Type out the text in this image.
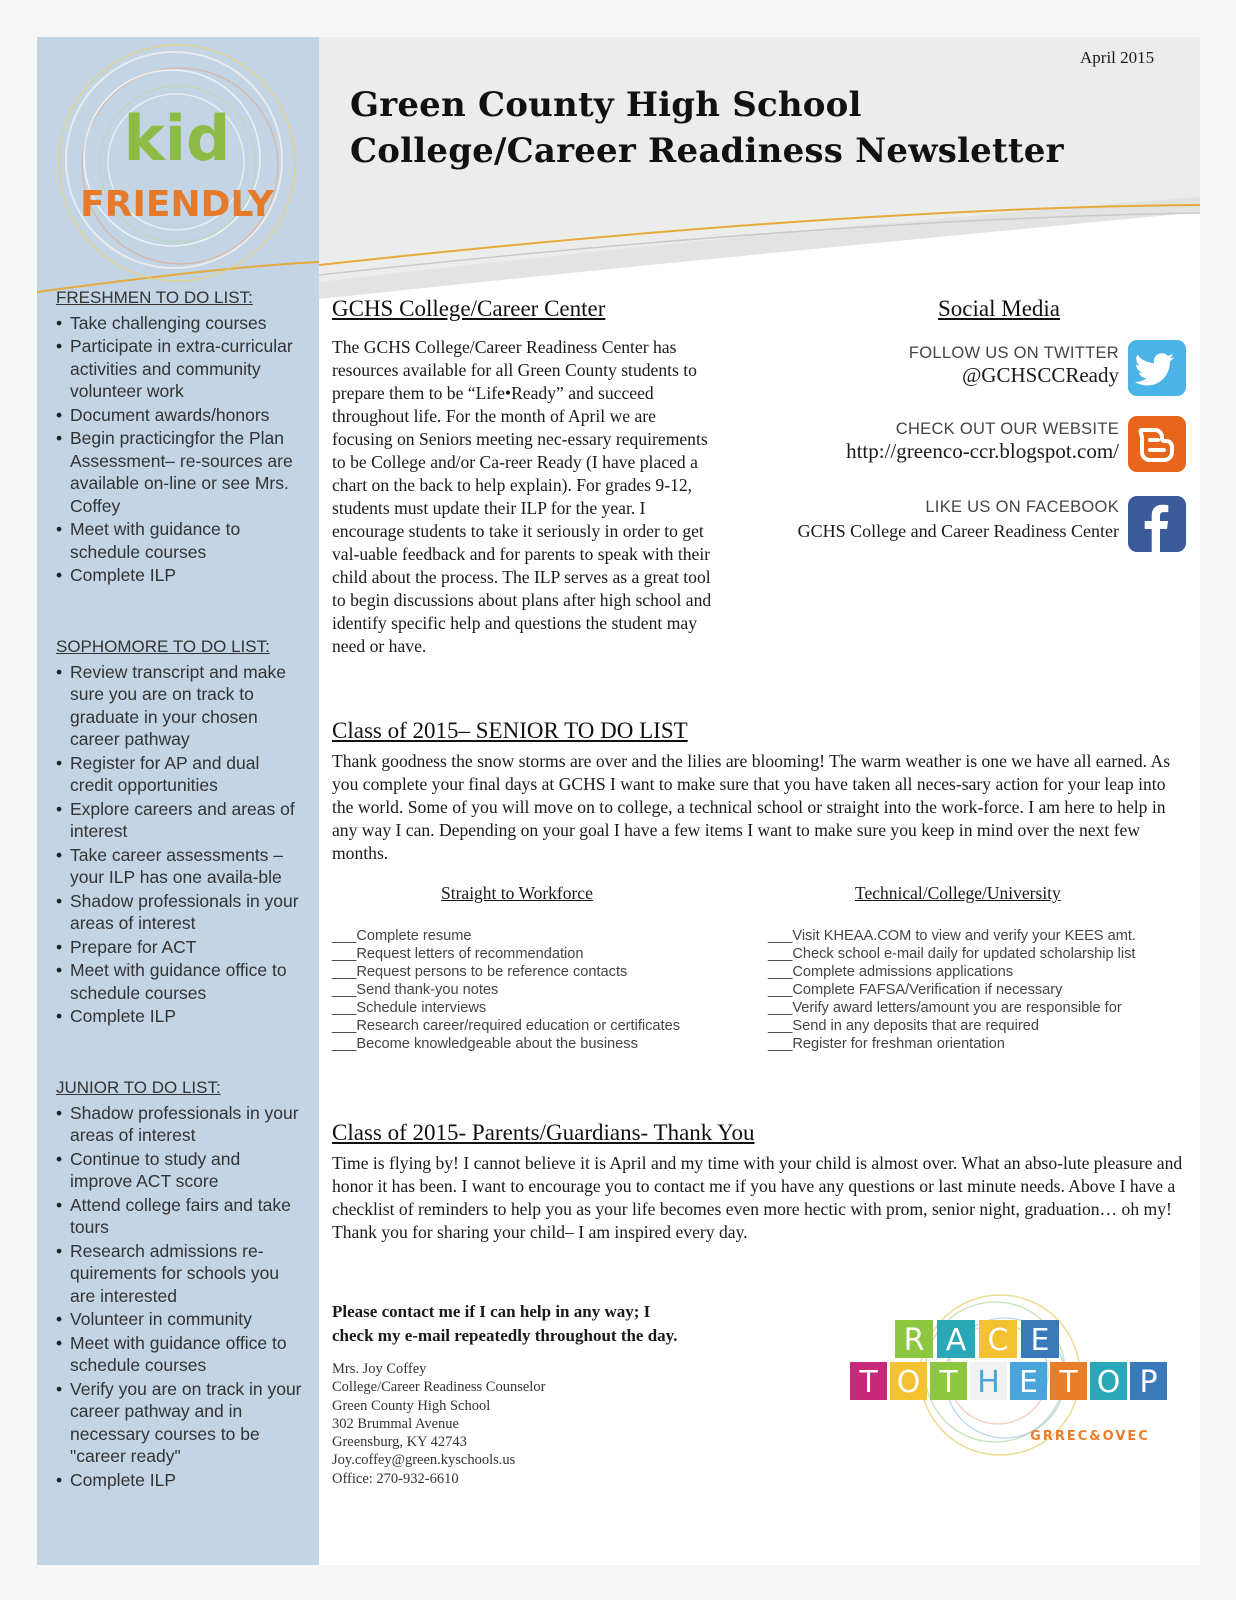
April 2015
Green County High School
College/Career Readiness Newsletter
kid
FRIENDLY
FRESHMEN TO DO LIST:
• Take challenging courses
• Participate in extra-curricular activities and community volunteer work
• Document awards/honors
• Begin practicingfor the Plan Assessment– re-sources are available on-line or see Mrs. Coffey
• Meet with guidance to schedule courses
• Complete ILP
SOPHOMORE TO DO LIST:
• Review transcript and make sure you are on track to graduate in your chosen career pathway
• Register for AP and dual credit opportunities
• Explore careers and areas of interest
• Take career assessments – your ILP has one availa-ble
• Shadow professionals in your areas of interest
• Prepare for ACT
• Meet with guidance office to schedule courses
• Complete ILP
JUNIOR TO DO LIST:
• Shadow professionals in your areas of interest
• Continue to study and improve ACT score
• Attend college fairs and take tours
• Research admissions re-quirements for schools you are interested
• Volunteer in community
• Meet with guidance office to schedule courses
• Verify you are on track in your career pathway and in necessary courses to be "career ready"
• Complete ILP
GCHS College/Career Center
The GCHS College/Career Readiness Center has resources available for all Green County students to prepare them to be “Life•Ready” and succeed throughout life. For the month of April we are focusing on Seniors meeting nec-essary requirements to be College and/or Ca-reer Ready (I have placed a chart on the back to help explain). For grades 9-12, students must update their ILP for the year. I encourage students to take it seriously in order to get val-uable feedback and for parents to speak with their child about the process. The ILP serves as a great tool to begin discussions about plans after high school and identify specific help and questions the student may need or have.
Social Media
FOLLOW US ON TWITTER
@GCHSCCReady
CHECK OUT OUR WEBSITE
http://greenco-ccr.blogspot.com/
LIKE US ON FACEBOOK
GCHS College and Career Readiness Center
Class of 2015– SENIOR TO DO LIST
Thank goodness the snow storms are over and the lilies are blooming! The warm weather is one we have all earned. As you complete your final days at GCHS I want to make sure that you have taken all neces-sary action for your leap into the world. Some of you will move on to college, a technical school or straight into the work-force. I am here to help in any way I can. Depending on your goal I have a few items I want to make sure you keep in mind over the next few months.
Straight to Workforce
___ Complete resume
___ Request letters of recommendation
___ Request persons to be reference contacts
___ Send thank-you notes
___ Schedule interviews
___ Research career/required education or certificates
___ Become knowledgeable about the business
Technical/College/University
___ Visit KHEAA.COM to view and verify your KEES amt.
___ Check school e-mail daily for updated scholarship list
___ Complete admissions applications
___ Complete FAFSA/Verification if necessary
___ Verify award letters/amount you are responsible for
___ Send in any deposits that are required
___ Register for freshman orientation
Class of 2015- Parents/Guardians- Thank You
Time is flying by! I cannot believe it is April and my time with your child is almost over. What an abso-lute pleasure and honor it has been. I want to encourage you to contact me if you have any questions or last minute needs. Above I have a checklist of reminders to help you as your life becomes even more hectic with prom, senior night, graduation… oh my! Thank you for sharing your child– I am inspired every day.
Please contact me if I can help in any way; I
check my e-mail repeatedly throughout the day.
Mrs. Joy Coffey
College/Career Readiness Counselor
Green County High School
302 Brummal Avenue
Greensburg, KY 42743
Joy.coffey@green.kyschools.us
Office: 270-932-6610
R A C E
T O T H E T O P
GRREC&OVEC
